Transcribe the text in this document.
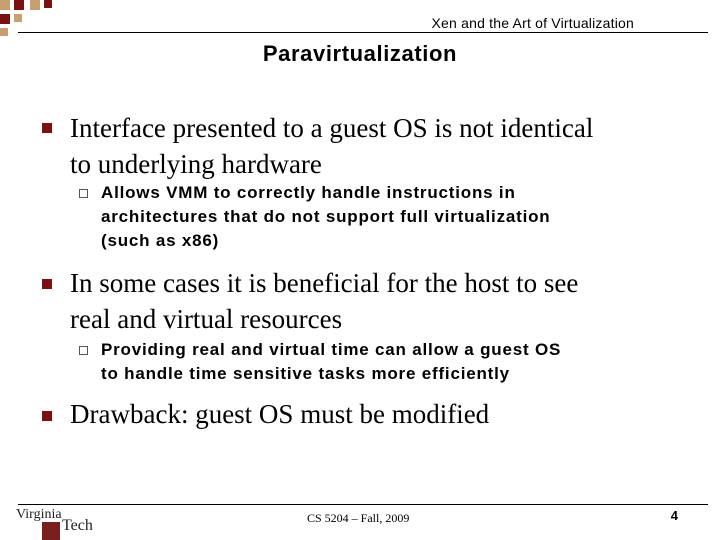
Xen and the Art of Virtualization
Paravirtualization
Interface presented to a guest OS is not identical
to underlying hardware
Allows VMM to correctly handle instructions in
architectures that do not support full virtualization
(such as x86)
In some cases it is beneficial for the host to see
real and virtual resources
Providing real and virtual time can allow a guest OS
to handle time sensitive tasks more efficiently
Drawback: guest OS must be modified
Virginia
Tech	CS 5204 – Fall, 2009	4
